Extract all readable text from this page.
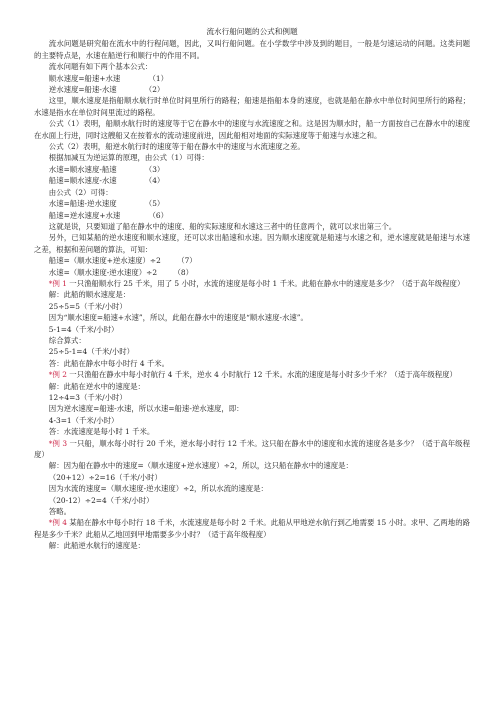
流水行船问题的公式和例题

流水问题是研究船在流水中的行程问题，因此，又叫行船问题。在小学数学中涉及到的题目，一般是匀速运动的问题。这类问题的主要特点是，水速在船逆行和顺行中的作用不同。

流水问题有如下两个基本公式：

顺水速度=船速+水速            （1）

逆水速度=船速-水速            （2）

这里，顺水速度是指船顺水航行时单位时间里所行的路程；船速是指船本身的速度，也就是船在静水中单位时间里所行的路程；水速是指水在单位时间里流过的路程。

公式（1）表明，船顺水航行时的速度等于它在静水中的速度与水流速度之和。这是因为顺水时，船一方面按自己在静水中的速度在水面上行进，同时这艘船又在按着水的流动速度前进，因此船相对地面的实际速度等于船速与水速之和。

公式（2）表明，船逆水航行时的速度等于船在静水中的速度与水流速度之差。

根据加减互为逆运算的原理，由公式（1）可得：

水速=顺水速度-船速            （3）

船速=顺水速度-水速            （4）

由公式（2）可得：

水速=船速-逆水速度            （5）

船速=逆水速度+水速            （6）

这就是说，只要知道了船在静水中的速度、船的实际速度和水速这三者中的任意两个，就可以求出第三个。

另外，已知某船的逆水速度和顺水速度，还可以求出船速和水速。因为顺水速度就是船速与水速之和，逆水速度就是船速与水速之差，根据和差问题的算法，可知：

船速=（顺水速度+逆水速度）÷2       （7）

水速=（顺水速度-逆水速度）÷2       （8）

*例 1 一只渔船顺水行 25 千米，用了 5 小时，水流的速度是每小时 1 千米。此船在静水中的速度是多少？（适于高年级程度）

解：此船的顺水速度是：

25÷5=5（千米/小时）

因为“顺水速度=船速+水速”，所以，此船在静水中的速度是“顺水速度-水速”。

5-1=4（千米/小时）

综合算式：

25÷5-1=4（千米/小时）

答：此船在静水中每小时行 4 千米。

*例 2 一只渔船在静水中每小时航行 4 千米，逆水 4 小时航行 12 千米。水流的速度是每小时多少千米？（适于高年级程度）

解：此船在逆水中的速度是：

12÷4=3（千米/小时）

因为逆水速度=船速-水速，所以水速=船速-逆水速度，即：

4-3=1（千米/小时）

答：水流速度是每小时 1 千米。

*例 3 一只船，顺水每小时行 20 千米，逆水每小时行 12 千米。这只船在静水中的速度和水流的速度各是多少？（适于高年级程度）

解：因为船在静水中的速度=（顺水速度+逆水速度）÷2，所以，这只船在静水中的速度是：

（20+12）÷2=16（千米/小时）

因为水流的速度=（顺水速度-逆水速度）÷2，所以水流的速度是：

（20-12）÷2=4（千米/小时）

答略。

*例 4 某船在静水中每小时行 18 千米，水流速度是每小时 2 千米。此船从甲地逆水航行到乙地需要 15 小时。求甲、乙两地的路程是多少千米？此船从乙地回到甲地需要多少小时？（适于高年级程度）

解：此船逆水航行的速度是：
